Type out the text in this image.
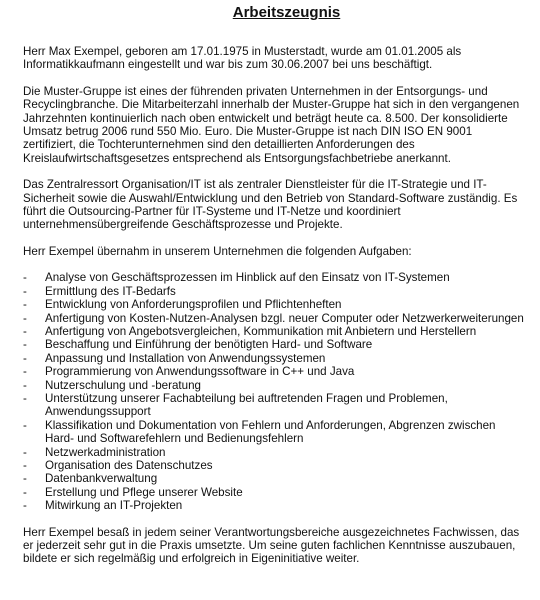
Arbeitszeugnis

Herr Max Exempel, geboren am 17.01.1975 in Musterstadt, wurde am 01.01.2005 als Informatikkaufmann eingestellt und war bis zum 30.06.2007 bei uns beschäftigt.

Die Muster-Gruppe ist eines der führenden privaten Unternehmen in der Entsorgungs- und Recyclingbranche. Die Mitarbeiterzahl innerhalb der Muster-Gruppe hat sich in den vergangenen Jahrzehnten kontinuierlich nach oben entwickelt und beträgt heute ca. 8.500. Der konsolidierte Umsatz betrug 2006 rund 550 Mio. Euro. Die Muster-Gruppe ist nach DIN ISO EN 9001 zertifiziert, die Tochterunternehmen sind den detaillierten Anforderungen des Kreislaufwirtschaftsgesetzes entsprechend als Entsorgungsfachbetriebe anerkannt.

Das Zentralressort Organisation/IT ist als zentraler Dienstleister für die IT-Strategie und IT-Sicherheit sowie die Auswahl/Entwicklung und den Betrieb von Standard-Software zuständig. Es führt die Outsourcing-Partner für IT-Systeme und IT-Netze und koordiniert unternehmensübergreifende Geschäftsprozesse und Projekte.

Herr Exempel übernahm in unserem Unternehmen die folgenden Aufgaben:

- Analyse von Geschäftsprozessen im Hinblick auf den Einsatz von IT-Systemen
- Ermittlung des IT-Bedarfs
- Entwicklung von Anforderungsprofilen und Pflichtenheften
- Anfertigung von Kosten-Nutzen-Analysen bzgl. neuer Computer oder Netzwerkerweiterungen
- Anfertigung von Angebotsvergleichen, Kommunikation mit Anbietern und Herstellern
- Beschaffung und Einführung der benötigten Hard- und Software
- Anpassung und Installation von Anwendungssystemen
- Programmierung von Anwendungssoftware in C++ und Java
- Nutzerschulung und -beratung
- Unterstützung unserer Fachabteilung bei auftretenden Fragen und Problemen, Anwendungssupport
- Klassifikation und Dokumentation von Fehlern und Anforderungen, Abgrenzen zwischen Hard- und Softwarefehlern und Bedienungsfehlern
- Netzwerkadministration
- Organisation des Datenschutzes
- Datenbankverwaltung
- Erstellung und Pflege unserer Website
- Mitwirkung an IT-Projekten

Herr Exempel besaß in jedem seiner Verantwortungsbereiche ausgezeichnetes Fachwissen, das er jederzeit sehr gut in die Praxis umsetzte. Um seine guten fachlichen Kenntnisse auszubauen, bildete er sich regelmäßig und erfolgreich in Eigeninitiative weiter.
